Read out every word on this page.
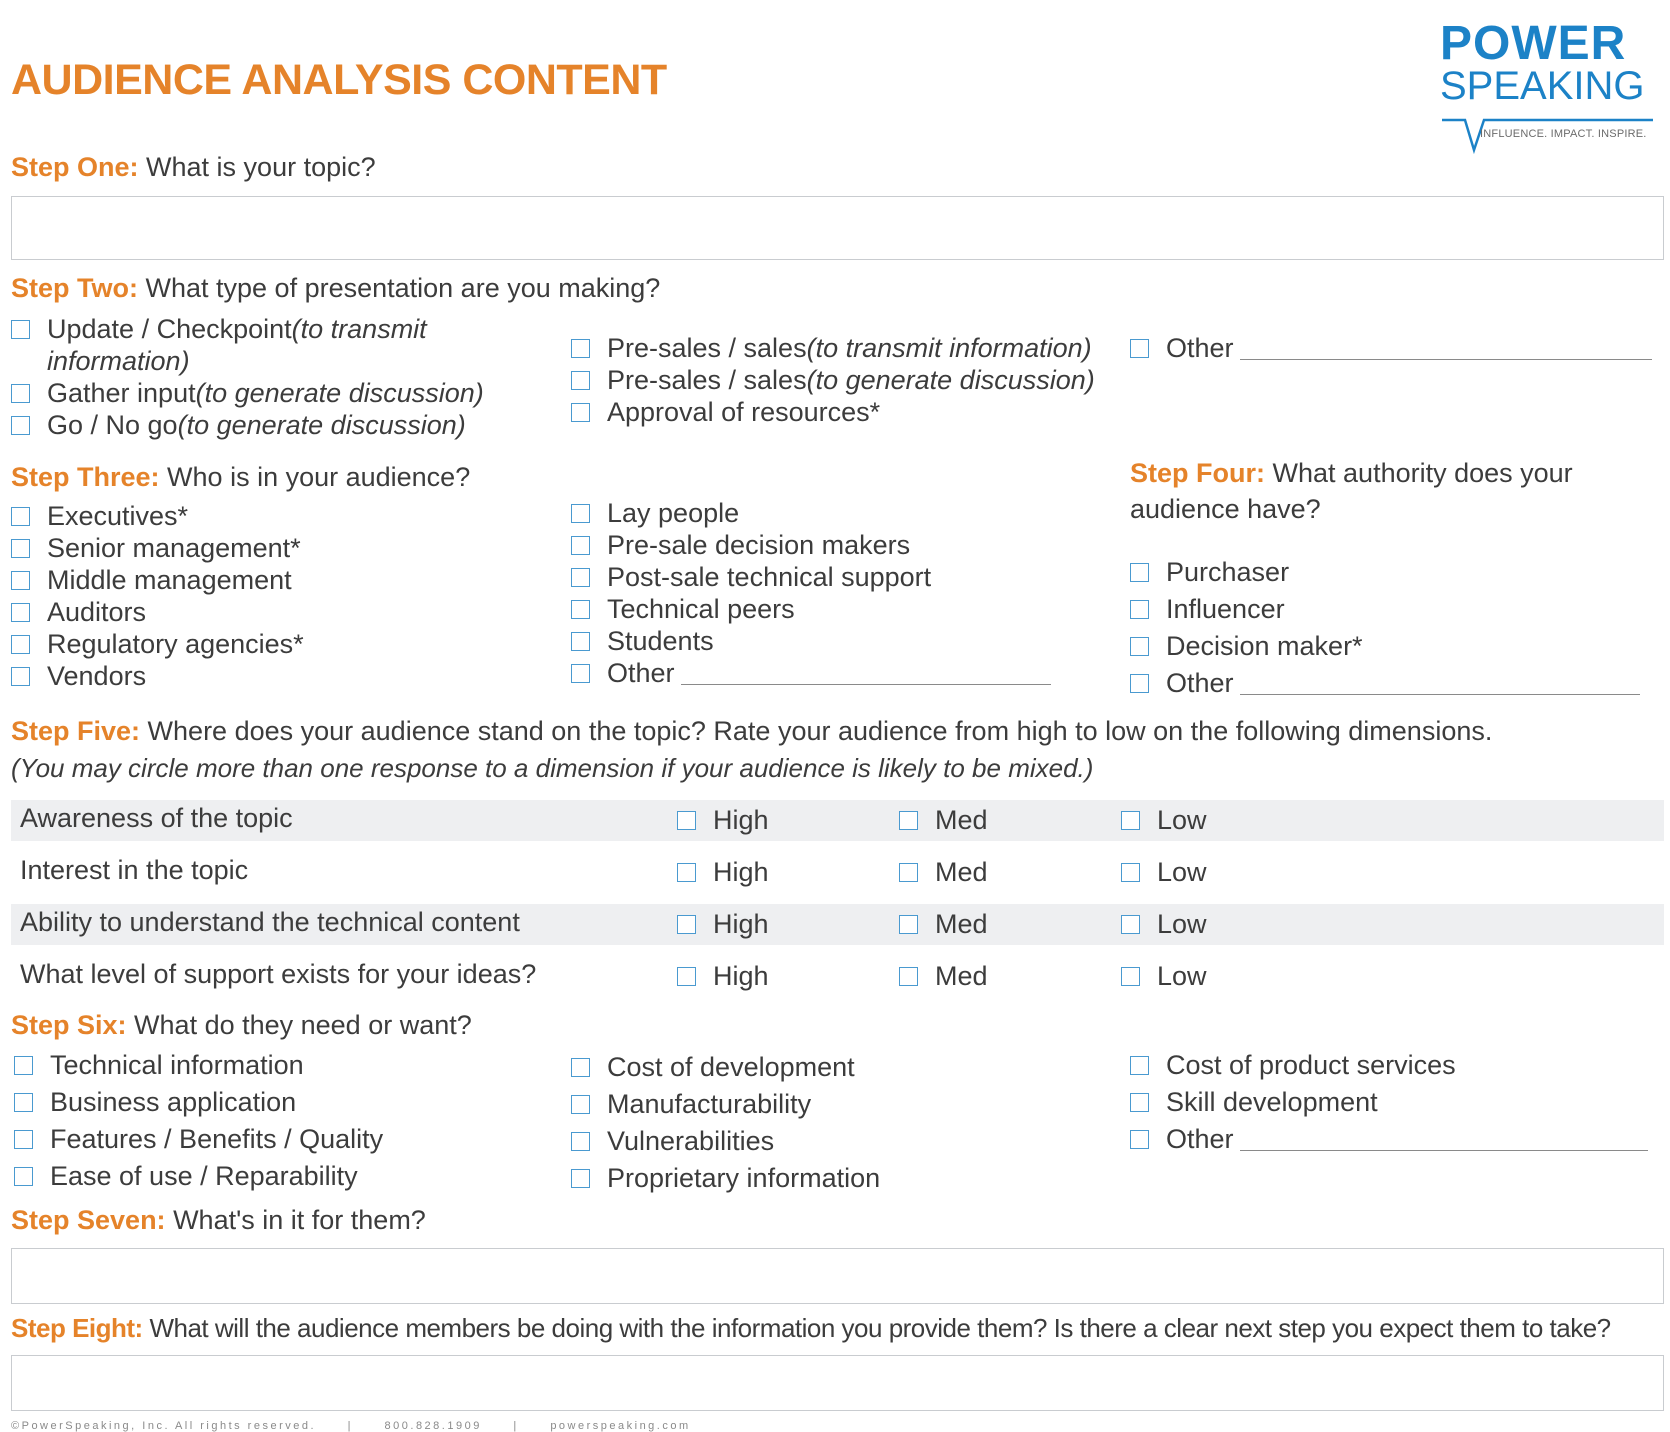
AUDIENCE ANALYSIS CONTENT
POWER
SPEAKING
INFLUENCE. IMPACT. INSPIRE.
Step One: What is your topic?
Step Two: What type of presentation are you making?
Update / Checkpoint (to transmit
information)
Gather input (to generate discussion)
Go / No go (to generate discussion)
Pre-sales / sales (to transmit information)
Pre-sales / sales (to generate discussion)
Approval of resources*
Other
Step Three: Who is in your audience?
Executives*
Senior management*
Middle management
Auditors
Regulatory agencies*
Vendors
Lay people
Pre-sale decision makers
Post-sale technical support
Technical peers
Students
Other
Step Four: What authority does your
audience have?
Purchaser
Influencer
Decision maker*
Other
Step Five: Where does your audience stand on the topic? Rate your audience from high to low on the following dimensions.
(You may circle more than one response to a dimension if your audience is likely to be mixed.)
Awareness of the topic	High	Med	Low
Interest in the topic	High	Med	Low
Ability to understand the technical content	High	Med	Low
What level of support exists for your ideas?	High	Med	Low
Step Six: What do they need or want?
Technical information
Business application
Features / Benefits / Quality
Ease of use / Reparability
Cost of development
Manufacturability
Vulnerabilities
Proprietary information
Cost of product services
Skill development
Other
Step Seven: What's in it for them?
Step Eight: What will the audience members be doing with the information you provide them? Is there a clear next step you expect them to take?
©PowerSpeaking, Inc. All rights reserved.	|	800.828.1909	|	powerspeaking.com
